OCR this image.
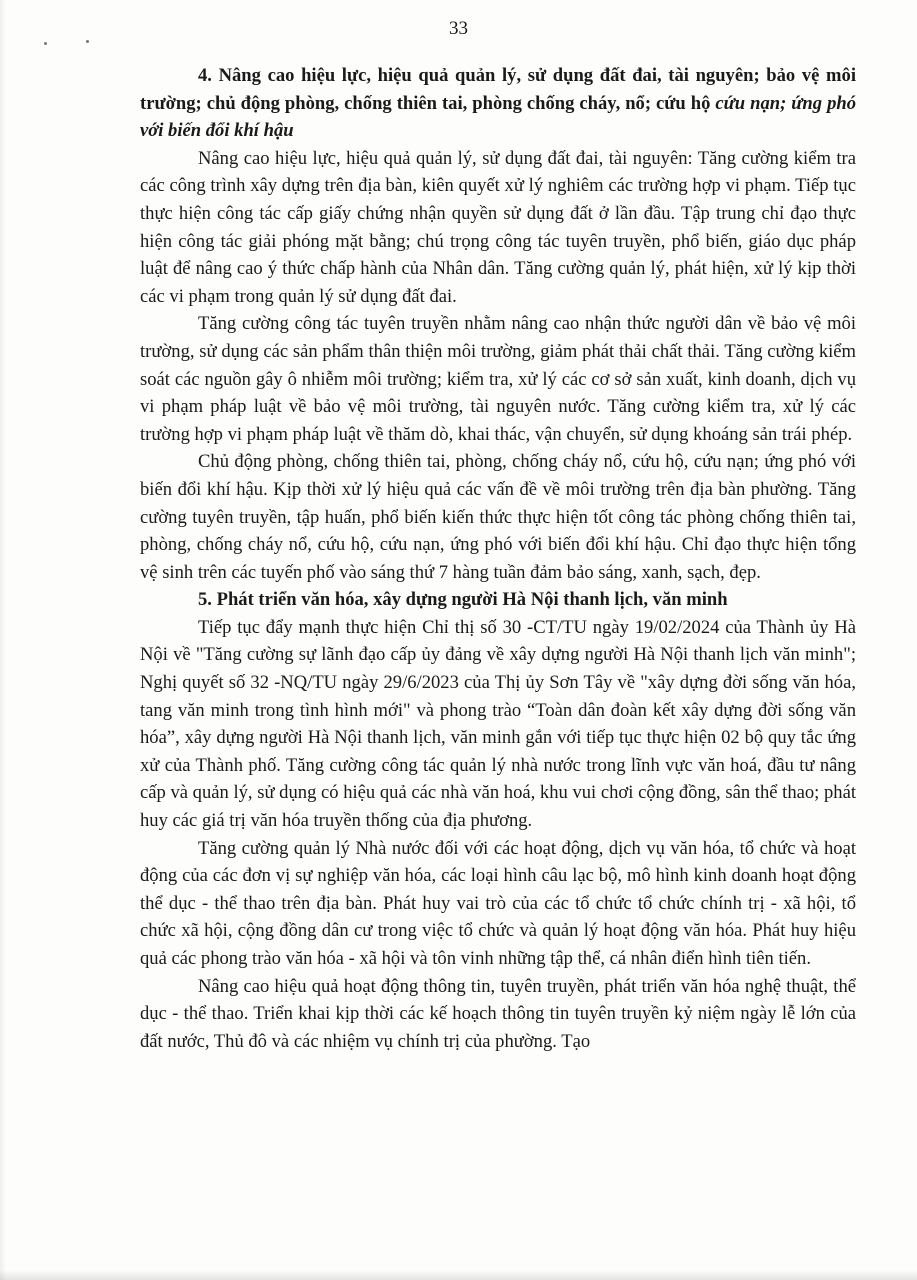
33
4. Nâng cao hiệu lực, hiệu quả quản lý, sử dụng đất đai, tài nguyên; bảo vệ môi trường; chủ động phòng, chống thiên tai, phòng chống cháy, nổ; cứu hộ cứu nạn; ứng phó với biến đổi khí hậu

Nâng cao hiệu lực, hiệu quả quản lý, sử dụng đất đai, tài nguyên: Tăng cường kiểm tra các công trình xây dựng trên địa bàn, kiên quyết xử lý nghiêm các trường hợp vi phạm. Tiếp tục thực hiện công tác cấp giấy chứng nhận quyền sử dụng đất ở lần đầu. Tập trung chỉ đạo thực hiện công tác giải phóng mặt bằng; chú trọng công tác tuyên truyền, phổ biến, giáo dục pháp luật để nâng cao ý thức chấp hành của Nhân dân. Tăng cường quản lý, phát hiện, xử lý kịp thời các vi phạm trong quản lý sử dụng đất đai.

Tăng cường công tác tuyên truyền nhằm nâng cao nhận thức người dân về bảo vệ môi trường, sử dụng các sản phẩm thân thiện môi trường, giảm phát thải chất thải. Tăng cường kiểm soát các nguồn gây ô nhiễm môi trường; kiểm tra, xử lý các cơ sở sản xuất, kinh doanh, dịch vụ vi phạm pháp luật về bảo vệ môi trường, tài nguyên nước. Tăng cường kiểm tra, xử lý các trường hợp vi phạm pháp luật về thăm dò, khai thác, vận chuyển, sử dụng khoáng sản trái phép.

Chủ động phòng, chống thiên tai, phòng, chống cháy nổ, cứu hộ, cứu nạn; ứng phó với biến đổi khí hậu. Kịp thời xử lý hiệu quả các vấn đề về môi trường trên địa bàn phường. Tăng cường tuyên truyền, tập huấn, phổ biến kiến thức thực hiện tốt công tác phòng chống thiên tai, phòng, chống cháy nổ, cứu hộ, cứu nạn, ứng phó với biến đổi khí hậu. Chỉ đạo thực hiện tổng vệ sinh trên các tuyến phố vào sáng thứ 7 hàng tuần đảm bảo sáng, xanh, sạch, đẹp.

5. Phát triển văn hóa, xây dựng người Hà Nội thanh lịch, văn minh

Tiếp tục đẩy mạnh thực hiện Chỉ thị số 30 -CT/TU ngày 19/02/2024 của Thành ủy Hà Nội về "Tăng cường sự lãnh đạo cấp ủy đảng về xây dựng người Hà Nội thanh lịch văn minh"; Nghị quyết số 32 -NQ/TU ngày 29/6/2023 của Thị ủy Sơn Tây về "xây dựng đời sống văn hóa, tang văn minh trong tình hình mới" và phong trào “Toàn dân đoàn kết xây dựng đời sống văn hóa”, xây dựng người Hà Nội thanh lịch, văn minh gắn với tiếp tục thực hiện 02 bộ quy tắc ứng xử của Thành phố. Tăng cường công tác quản lý nhà nước trong lĩnh vực văn hoá, đầu tư nâng cấp và quản lý, sử dụng có hiệu quả các nhà văn hoá, khu vui chơi cộng đồng, sân thể thao; phát huy các giá trị văn hóa truyền thống của địa phương.

Tăng cường quản lý Nhà nước đối với các hoạt động, dịch vụ văn hóa, tổ chức và hoạt động của các đơn vị sự nghiệp văn hóa, các loại hình câu lạc bộ, mô hình kinh doanh hoạt động thể dục - thể thao trên địa bàn. Phát huy vai trò của các tổ chức tổ chức chính trị - xã hội, tổ chức xã hội, cộng đồng dân cư trong việc tổ chức và quản lý hoạt động văn hóa. Phát huy hiệu quả các phong trào văn hóa - xã hội và tôn vinh những tập thể, cá nhân điển hình tiên tiến.

Nâng cao hiệu quả hoạt động thông tin, tuyên truyền, phát triển văn hóa nghệ thuật, thể dục - thể thao. Triển khai kịp thời các kế hoạch thông tin tuyên truyền kỷ niệm ngày lễ lớn của đất nước, Thủ đô và các nhiệm vụ chính trị của phường. Tạo
